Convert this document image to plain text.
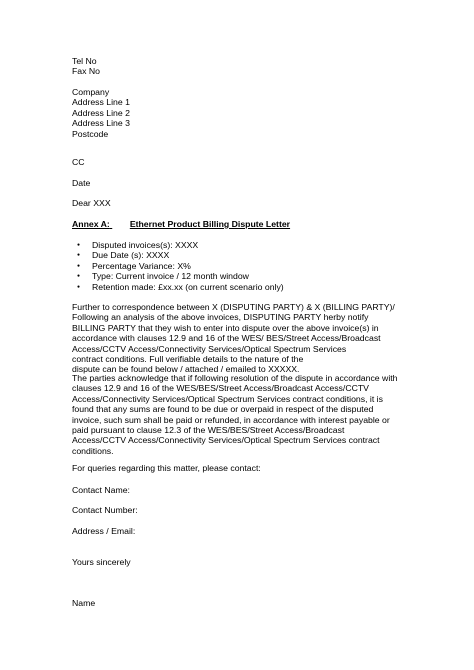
Tel No
Fax No
Company
Address Line 1
Address Line 2
Address Line 3
Postcode
CC
Date
Dear XXX
Annex A: Ethernet Product Billing Dispute Letter
● Disputed invoices(s): XXXX
● Due Date (s): XXXX
● Percentage Variance: X%
● Type: Current invoice / 12 month window
● Retention made: £xx.xx (on current scenario only)
Further to correspondence between X (DISPUTING PARTY) & X (BILLING PARTY)/
Following an analysis of the above invoices, DISPUTING PARTY herby notify
BILLING PARTY that they wish to enter into dispute over the above invoice(s) in
accordance with clauses 12.9 and 16 of the WES/ BES/Street Access/Broadcast
Access/CCTV Access/Connectivity Services/Optical Spectrum Services
contract conditions. Full verifiable details to the nature of the
dispute can be found below / attached / emailed to XXXXX.
The parties acknowledge that if following resolution of the dispute in accordance with
clauses 12.9 and 16 of the WES/BES/Street Access/Broadcast Access/CCTV
Access/Connectivity Services/Optical Spectrum Services contract conditions, it is
found that any sums are found to be due or overpaid in respect of the disputed
invoice, such sum shall be paid or refunded, in accordance with interest payable or
paid pursuant to clause 12.3 of the WES/BES/Street Access/Broadcast
Access/CCTV Access/Connectivity Services/Optical Spectrum Services contract
conditions.
For queries regarding this matter, please contact:
Contact Name:
Contact Number:
Address / Email:
Yours sincerely
Name
